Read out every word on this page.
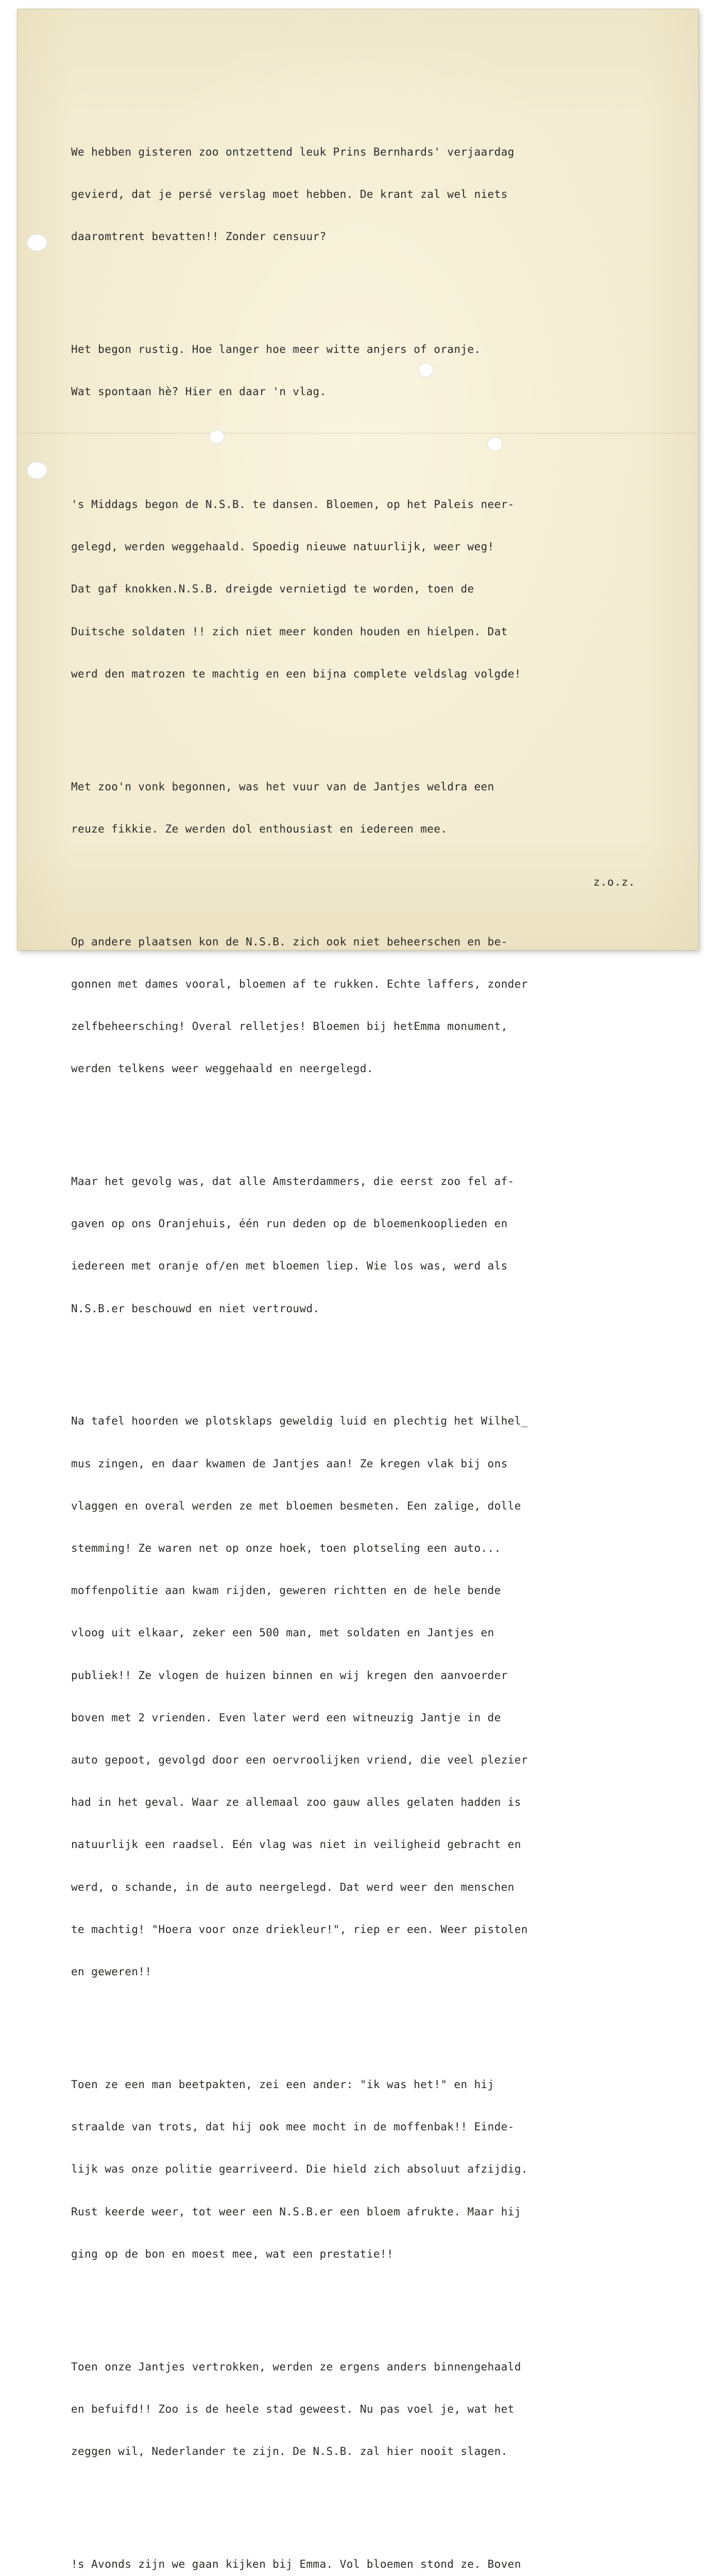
We hebben gisteren zoo ontzettend leuk Prins Bernhards' verjaardag

gevierd, dat je persé verslag moet hebben. De krant zal wel niets

daaromtrent bevatten!! Zonder censuur?

Het begon rustig. Hoe langer hoe meer witte anjers of oranje.

Wat spontaan hè? Hier en daar 'n vlag.

's Middags begon de N.S.B. te dansen. Bloemen, op het Paleis neer-

gelegd, werden weggehaald. Spoedig nieuwe natuurlijk, weer weg!

Dat gaf knokken.N.S.B. dreigde vernietigd te worden, toen de

Duitsche soldaten !! zich niet meer konden houden en hielpen. Dat

werd den matrozen te machtig en een bijna complete veldslag volgde!

Met zoo'n vonk begonnen, was het vuur van de Jantjes weldra een

reuze fikkie. Ze werden dol enthousiast en iedereen mee.

Op andere plaatsen kon de N.S.B. zich ook niet beheerschen en be-

gonnen met dames vooral, bloemen af te rukken. Echte laffers, zonder

zelfbeheersching! Overal relletjes! Bloemen bij hetEmma monument,

werden telkens weer weggehaald en neergelegd.

Maar het gevolg was, dat alle Amsterdammers, die eerst zoo fel af-

gaven op ons Oranjehuis, één run deden op de bloemenkooplieden en

iedereen met oranje of/en met bloemen liep. Wie los was, werd als

N.S.B.er beschouwd en niet vertrouwd.

Na tafel hoorden we plotsklaps geweldig luid en plechtig het Wilhel_

mus zingen, en daar kwamen de Jantjes aan! Ze kregen vlak bij ons

vlaggen en overal werden ze met bloemen besmeten. Een zalige, dolle

stemming! Ze waren net op onze hoek, toen plotseling een auto...

moffenpolitie aan kwam rijden, geweren richtten en de hele bende

vloog uit elkaar, zeker een 500 man, met soldaten en Jantjes en

publiek!! Ze vlogen de huizen binnen en wij kregen den aanvoerder

boven met 2 vrienden. Even later werd een witneuzig Jantje in de

auto gepoot, gevolgd door een oervroolijken vriend, die veel plezier

had in het geval. Waar ze allemaal zoo gauw alles gelaten hadden is

natuurlijk een raadsel. Eén vlag was niet in veiligheid gebracht en

werd, o schande, in de auto neergelegd. Dat werd weer den menschen

te machtig! "Hoera voor onze driekleur!", riep er een. Weer pistolen

en geweren!!

Toen ze een man beetpakten, zei een ander: "ik was het!" en hij

straalde van trots, dat hij ook mee mocht in de moffenbak!! Einde-

lijk was onze politie gearriveerd. Die hield zich absoluut afzijdig.

Rust keerde weer, tot weer een N.S.B.er een bloem afrukte. Maar hij

ging op de bon en moest mee, wat een prestatie!!

Toen onze Jantjes vertrokken, werden ze ergens anders binnengehaald

en befuifd!! Zoo is de heele stad geweest. Nu pas voel je, wat het

zeggen wil, Nederlander te zijn. De N.S.B. zal hier nooit slagen.

!s Avonds zijn we gaan kijken bij Emma. Vol bloemen stond ze. Boven

z.o.z.
